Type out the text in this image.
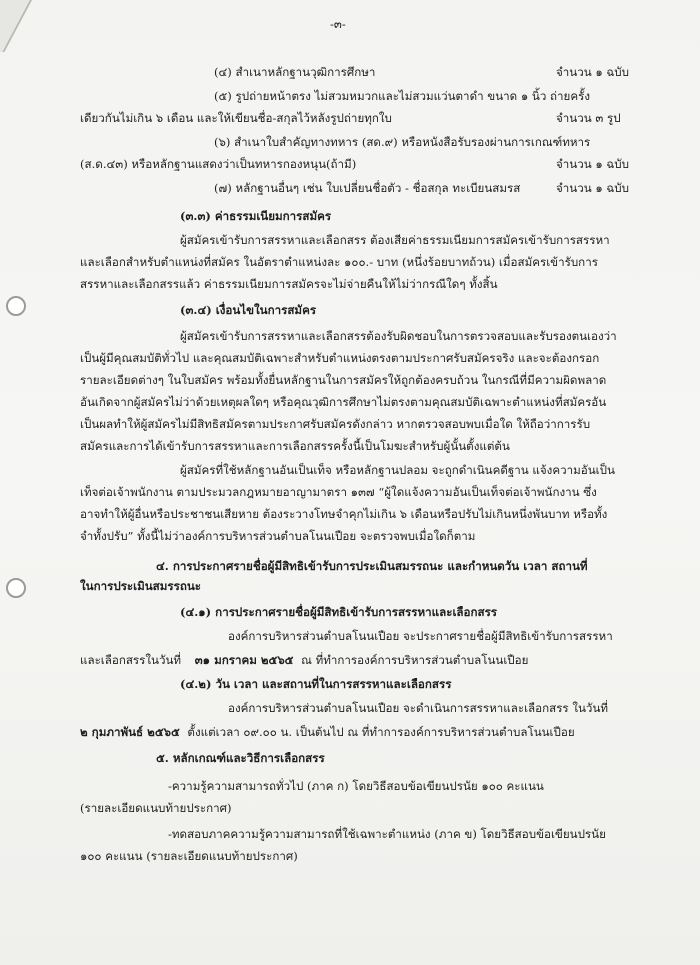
-๓-
(๔) สำเนาหลักฐานวุฒิการศึกษา	จำนวน ๑ ฉบับ
(๕) รูปถ่ายหน้าตรง ไม่สวมหมวกและไม่สวมแว่นตาดำ ขนาด ๑ นิ้ว ถ่ายครั้ง
เดียวกันไม่เกิน ๖ เดือน และให้เขียนชื่อ-สกุลไว้หลังรูปถ่ายทุกใบ	จำนวน ๓ รูป
(๖) สำเนาใบสำคัญทางทหาร (สด.๙) หรือหนังสือรับรองผ่านการเกณฑ์ทหาร
(ส.ด.๔๓) หรือหลักฐานแสดงว่าเป็นทหารกองหนุน(ถ้ามี)	จำนวน ๑ ฉบับ
(๗) หลักฐานอื่นๆ เช่น ใบเปลี่ยนชื่อตัว - ชื่อสกุล ทะเบียนสมรส	จำนวน ๑ ฉบับ
(๓.๓) ค่าธรรมเนียมการสมัคร
ผู้สมัครเข้ารับการสรรหาและเลือกสรร ต้องเสียค่าธรรมเนียมการสมัครเข้ารับการสรรหา
และเลือกสำหรับตำแหน่งที่สมัคร ในอัตราตำแหน่งละ ๑๐๐.- บาท (หนึ่งร้อยบาทถ้วน) เมื่อสมัครเข้ารับการ
สรรหาและเลือกสรรแล้ว ค่าธรรมเนียมการสมัครจะไม่จ่ายคืนให้ไม่ว่ากรณีใดๆ ทั้งสิ้น
(๓.๔) เงื่อนไขในการสมัคร
ผู้สมัครเข้ารับการสรรหาและเลือกสรรต้องรับผิดชอบในการตรวจสอบและรับรองตนเองว่า
เป็นผู้มีคุณสมบัติทั่วไป และคุณสมบัติเฉพาะสำหรับตำแหน่งตรงตามประกาศรับสมัครจริง และจะต้องกรอก
รายละเอียดต่างๆ ในใบสมัคร พร้อมทั้งยื่นหลักฐานในการสมัครให้ถูกต้องครบถ้วน ในกรณีที่มีความผิดพลาด
อันเกิดจากผู้สมัครไม่ว่าด้วยเหตุผลใดๆ หรือคุณวุฒิการศึกษาไม่ตรงตามคุณสมบัติเฉพาะตำแหน่งที่สมัครอัน
เป็นผลทำให้ผู้สมัครไม่มีสิทธิสมัครตามประกาศรับสมัครดังกล่าว หากตรวจสอบพบเมื่อใด ให้ถือว่าการรับ
สมัครและการได้เข้ารับการสรรหาและการเลือกสรรครั้งนี้เป็นโมฆะสำหรับผู้นั้นตั้งแต่ต้น
ผู้สมัครที่ใช้หลักฐานอันเป็นเท็จ หรือหลักฐานปลอม จะถูกดำเนินคดีฐาน แจ้งความอันเป็น
เท็จต่อเจ้าพนักงาน ตามประมวลกฎหมายอาญามาตรา ๑๓๗ “ผู้ใดแจ้งความอันเป็นเท็จต่อเจ้าพนักงาน ซึ่ง
อาจทำให้ผู้อื่นหรือประชาชนเสียหาย ต้องระวางโทษจำคุกไม่เกิน ๖ เดือนหรือปรับไม่เกินหนึ่งพันบาท หรือทั้ง
จำทั้งปรับ” ทั้งนี้ไม่ว่าองค์การบริหารส่วนตำบลโนนเปือย จะตรวจพบเมื่อใดก็ตาม
๔. การประกาศรายชื่อผู้มีสิทธิเข้ารับการประเมินสมรรถนะ และกำหนดวัน เวลา สถานที่
ในการประเมินสมรรถนะ
(๔.๑) การประกาศรายชื่อผู้มีสิทธิเข้ารับการสรรหาและเลือกสรร
องค์การบริหารส่วนตำบลโนนเปือย จะประกาศรายชื่อผู้มีสิทธิเข้ารับการสรรหา
และเลือกสรรในวันที่ ๓๑ มกราคม ๒๕๖๕ ณ ที่ทำการองค์การบริหารส่วนตำบลโนนเปือย
(๔.๒) วัน เวลา และสถานที่ในการสรรหาและเลือกสรร
องค์การบริหารส่วนตำบลโนนเปือย จะดำเนินการสรรหาและเลือกสรร ในวันที่
๒ กุมภาพันธ์ ๒๕๖๕ ตั้งแต่เวลา ๐๙.๐๐ น. เป็นต้นไป ณ ที่ทำการองค์การบริหารส่วนตำบลโนนเปือย
๕. หลักเกณฑ์และวิธีการเลือกสรร
-ความรู้ความสามารถทั่วไป (ภาค ก) โดยวิธีสอบข้อเขียนปรนัย ๑๐๐ คะแนน
(รายละเอียดแนบท้ายประกาศ)
-ทดสอบภาคความรู้ความสามารถที่ใช้เฉพาะตำแหน่ง (ภาค ข) โดยวิธีสอบข้อเขียนปรนัย
๑๐๐ คะแนน (รายละเอียดแนบท้ายประกาศ)
